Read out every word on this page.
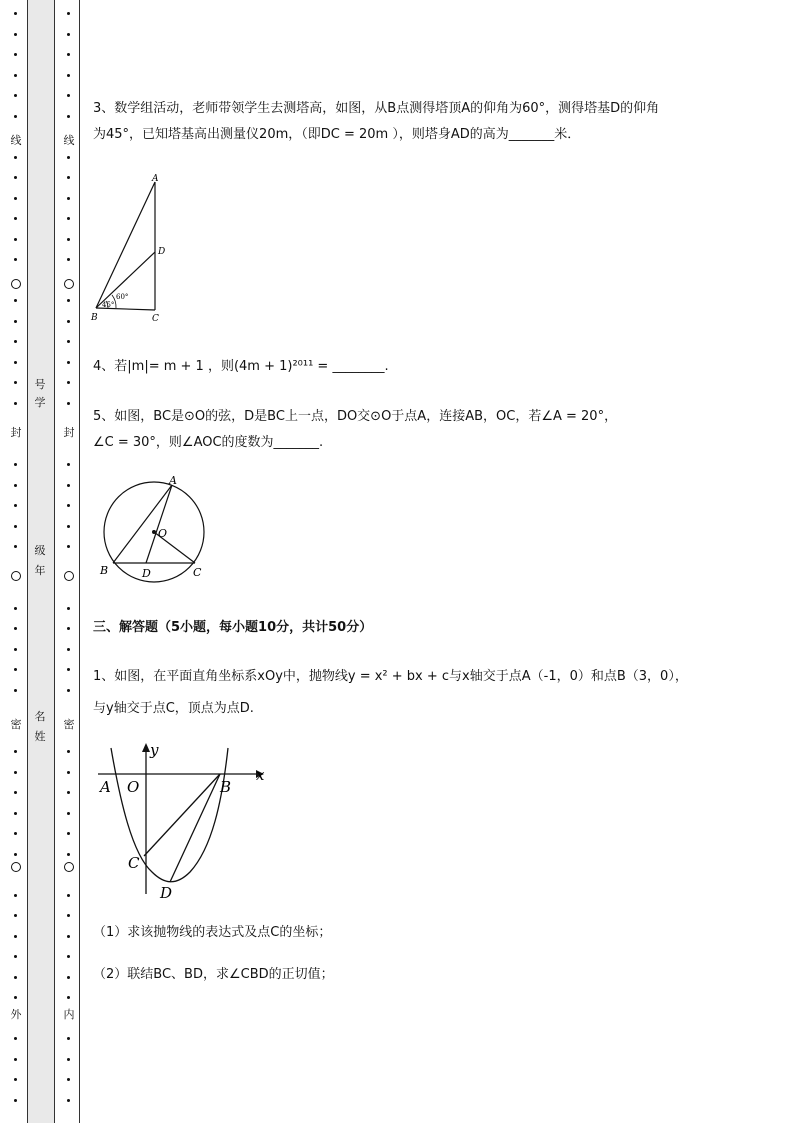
线
封
密
外
线
封
密
内
号
学
级
年
名
姓
3、数学组活动，老师带领学生去测塔高，如图，从B点测得塔顶A的仰角为60°，测得塔基D的仰角
为45°，已知塔基高出测量仪20m，（即DC = 20m ），则塔身AD的高为_______米．
A
D
B	C
60°
45°
4、若|m|= m + 1 ，则(4m + 1)²⁰¹¹ = ________.
5、如图，BC是⊙O的弦，D是BC上一点，DO交⊙O于点A，连接AB，OC，若∠A = 20°，
∠C = 30°，则∠AOC的度数为_______.
A
O
B	D	C
三、解答题（5小题，每小题10分，共计50分）
1、如图，在平面直角坐标系xOy中，抛物线y = x² + bx + c与x轴交于点A（-1，0）和点B（3，0），
与y轴交于点C，顶点为点D.
y
x
A O	B
C
D
（1）求该抛物线的表达式及点C的坐标；
（2）联结BC、BD，求∠CBD的正切值；
